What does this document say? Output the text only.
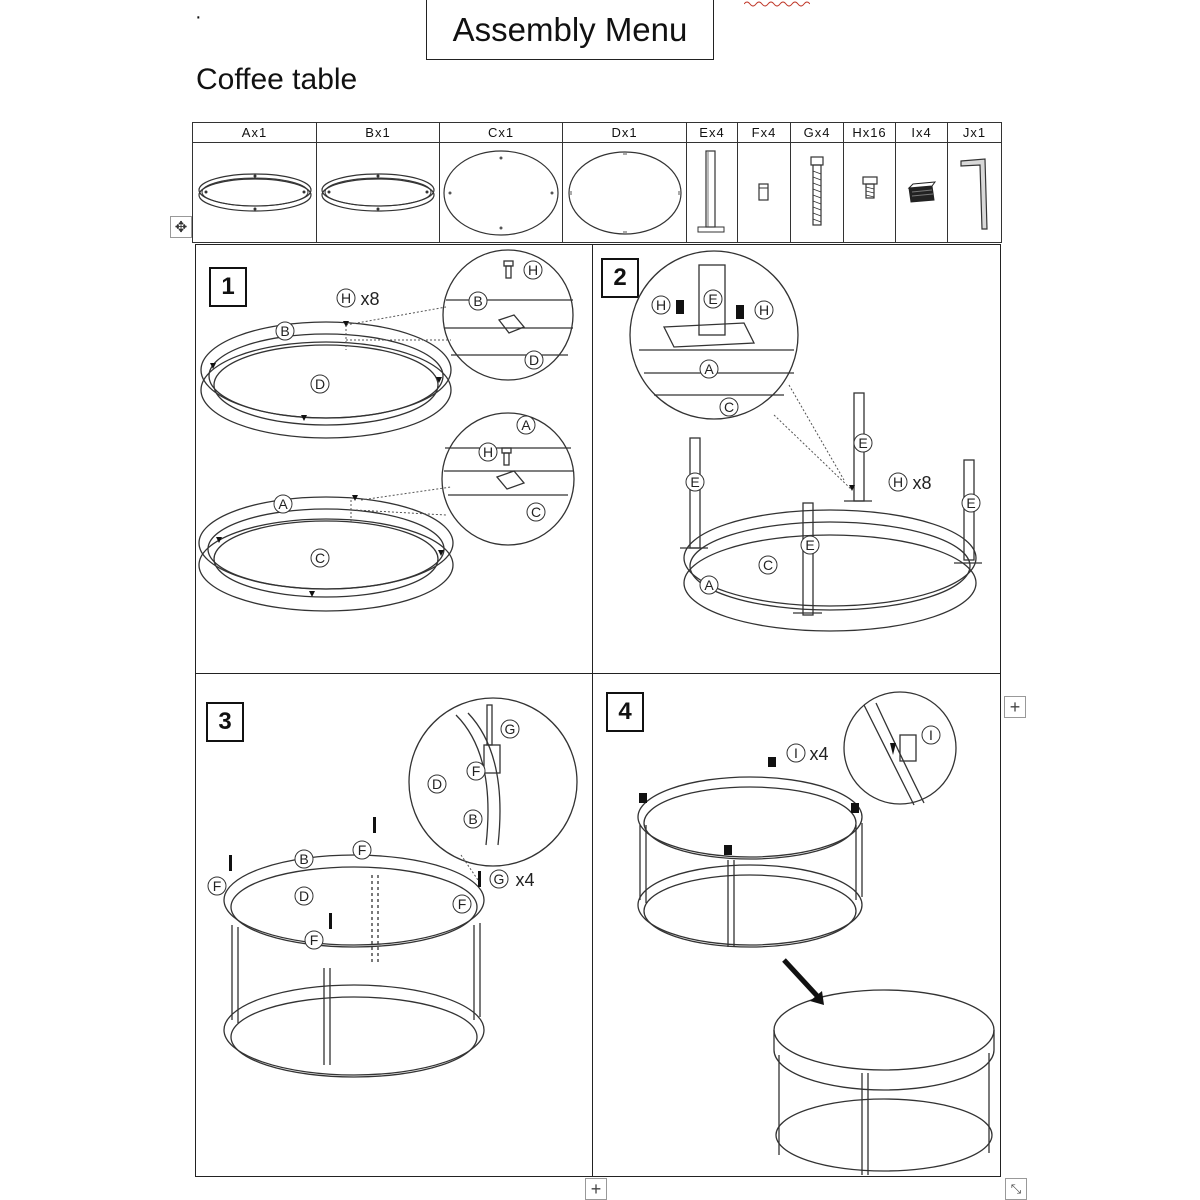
·	Assembly Menu
Coffee table
✥
Ax1	Bx1	Cx1	Dx1	Ex4	Fx4	Gx4	Hx16	Ix4	Jx1

1	2
3	4
H x8
B
D
A
C
H
B
D
A
H
C
H	E
H
A
C
E
E
E
E
H x8
C
A
G
F
D
B
B
F
F
D
F
F
G x4
I
I x4
+
+	⤡
